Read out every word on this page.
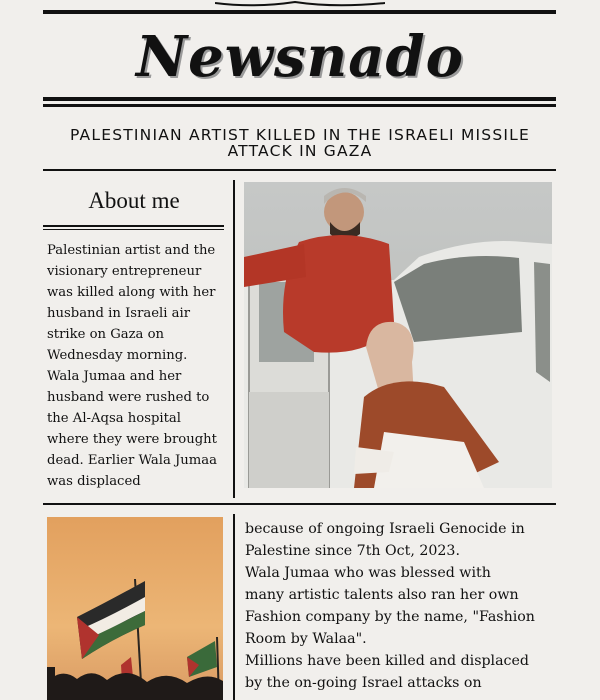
Newsnado
PALESTINIAN ARTIST KILLED IN THE ISRAELI MISSILE ATTACK IN GAZA
About me
Palestinian artist and the
visionary entrepreneur
was killed along with her
husband in Israeli air
strike on Gaza on
Wednesday morning.
Wala Jumaa and her
husband were rushed to
the Al-Aqsa hospital
where they were brought
dead. Earlier Wala Jumaa
was displaced
because of ongoing Israeli Genocide in
Palestine since 7th Oct, 2023.
Wala Jumaa who was blessed with
many artistic talents also ran her own
Fashion company by the name, "Fashion
Room by Walaa".
Millions have been killed and displaced
by the on-going Israel attacks on
